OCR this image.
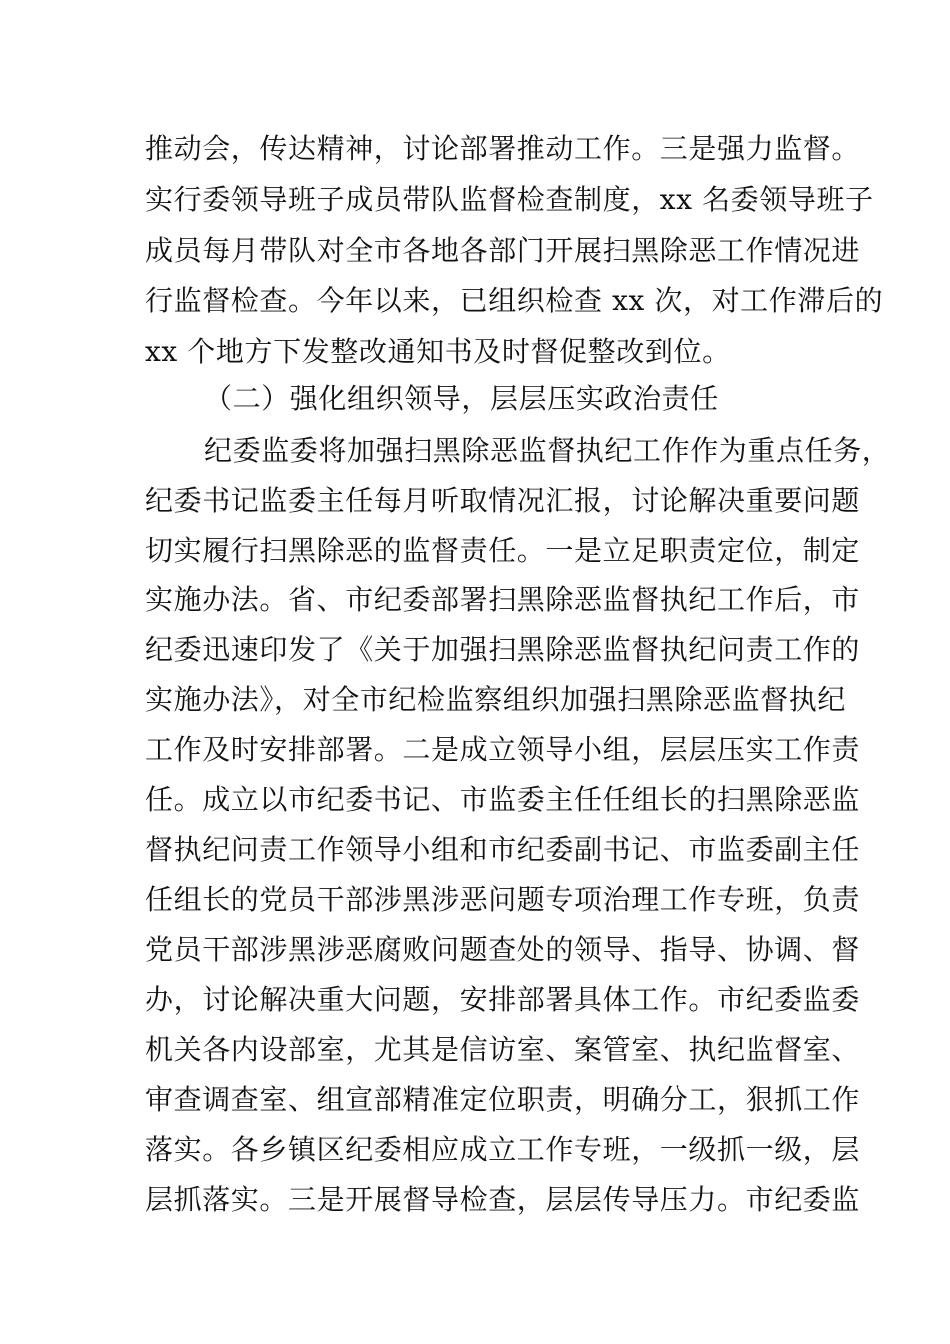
推动会，传达精神，讨论部署推动工作。三是强力监督。
实行委领导班子成员带队监督检查制度，xx 名委领导班子
成员每月带队对全市各地各部门开展扫黑除恶工作情况进
行监督检查。今年以来，已组织检查 xx 次，对工作滞后的
xx 个地方下发整改通知书及时督促整改到位。
（二）强化组织领导，层层压实政治责任
纪委监委将加强扫黑除恶监督执纪工作作为重点任务，
纪委书记监委主任每月听取情况汇报，讨论解决重要问题
切实履行扫黑除恶的监督责任。一是立足职责定位，制定
实施办法。省、市纪委部署扫黑除恶监督执纪工作后，市
纪委迅速印发了《关于加强扫黑除恶监督执纪问责工作的
实施办法》，对全市纪检监察组织加强扫黑除恶监督执纪
工作及时安排部署。二是成立领导小组，层层压实工作责
任。成立以市纪委书记、市监委主任任组长的扫黑除恶监
督执纪问责工作领导小组和市纪委副书记、市监委副主任
任组长的党员干部涉黑涉恶问题专项治理工作专班，负责
党员干部涉黑涉恶腐败问题查处的领导、指导、协调、督
办，讨论解决重大问题，安排部署具体工作。市纪委监委
机关各内设部室，尤其是信访室、案管室、执纪监督室、
审查调查室、组宣部精准定位职责，明确分工，狠抓工作
落实。各乡镇区纪委相应成立工作专班，一级抓一级，层
层抓落实。三是开展督导检查，层层传导压力。市纪委监
